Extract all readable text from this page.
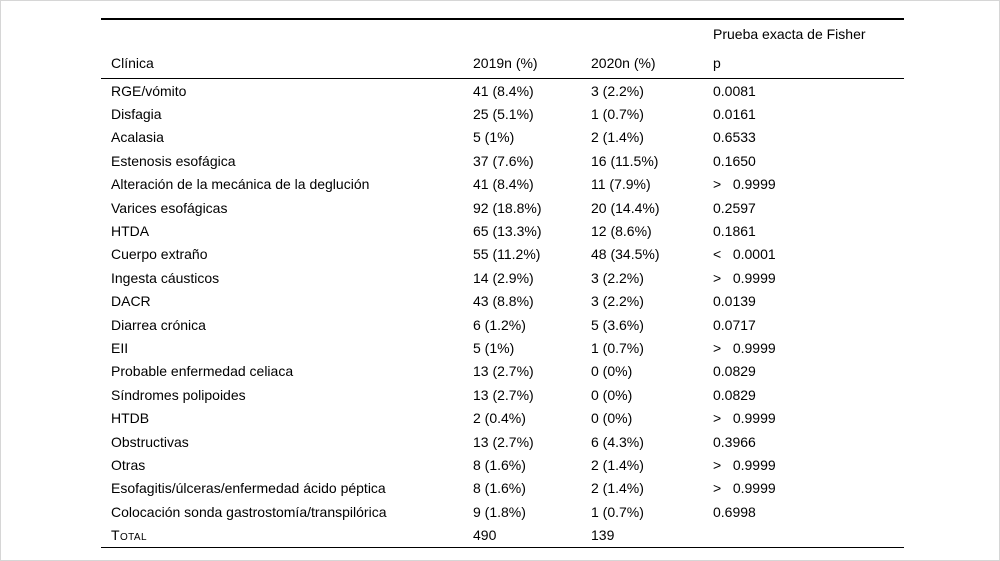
Prueba exacta de Fisher
Clínica	2019n (%)	2020n (%)	p
RGE/vómito	41 (8.4%)	3 (2.2%)	0.0081
Disfagia	25 (5.1%)	1 (0.7%)	0.0161
Acalasia	5 (1%)	2 (1.4%)	0.6533
Estenosis esofágica	37 (7.6%)	16 (11.5%)	0.1650
Alteración de la mecánica de la deglución	41 (8.4%)	11 (7.9%)	>   0.9999
Varices esofágicas	92 (18.8%)	20 (14.4%)	0.2597
HTDA	65 (13.3%)	12 (8.6%)	0.1861
Cuerpo extraño	55 (11.2%)	48 (34.5%)	<   0.0001
Ingesta cáusticos	14 (2.9%)	3 (2.2%)	>   0.9999
DACR	43 (8.8%)	3 (2.2%)	0.0139
Diarrea crónica	6 (1.2%)	5 (3.6%)	0.0717
EII	5 (1%)	1 (0.7%)	>   0.9999
Probable enfermedad celiaca	13 (2.7%)	0 (0%)	0.0829
Síndromes polipoides	13 (2.7%)	0 (0%)	0.0829
HTDB	2 (0.4%)	0 (0%)	>   0.9999
Obstructivas	13 (2.7%)	6 (4.3%)	0.3966
Otras	8 (1.6%)	2 (1.4%)	>   0.9999
Esofagitis/úlceras/enfermedad ácido péptica	8 (1.6%)	2 (1.4%)	>   0.9999
Colocación sonda gastrostomía/transpilórica	9 (1.8%)	1 (0.7%)	0.6998
Total	490	139
